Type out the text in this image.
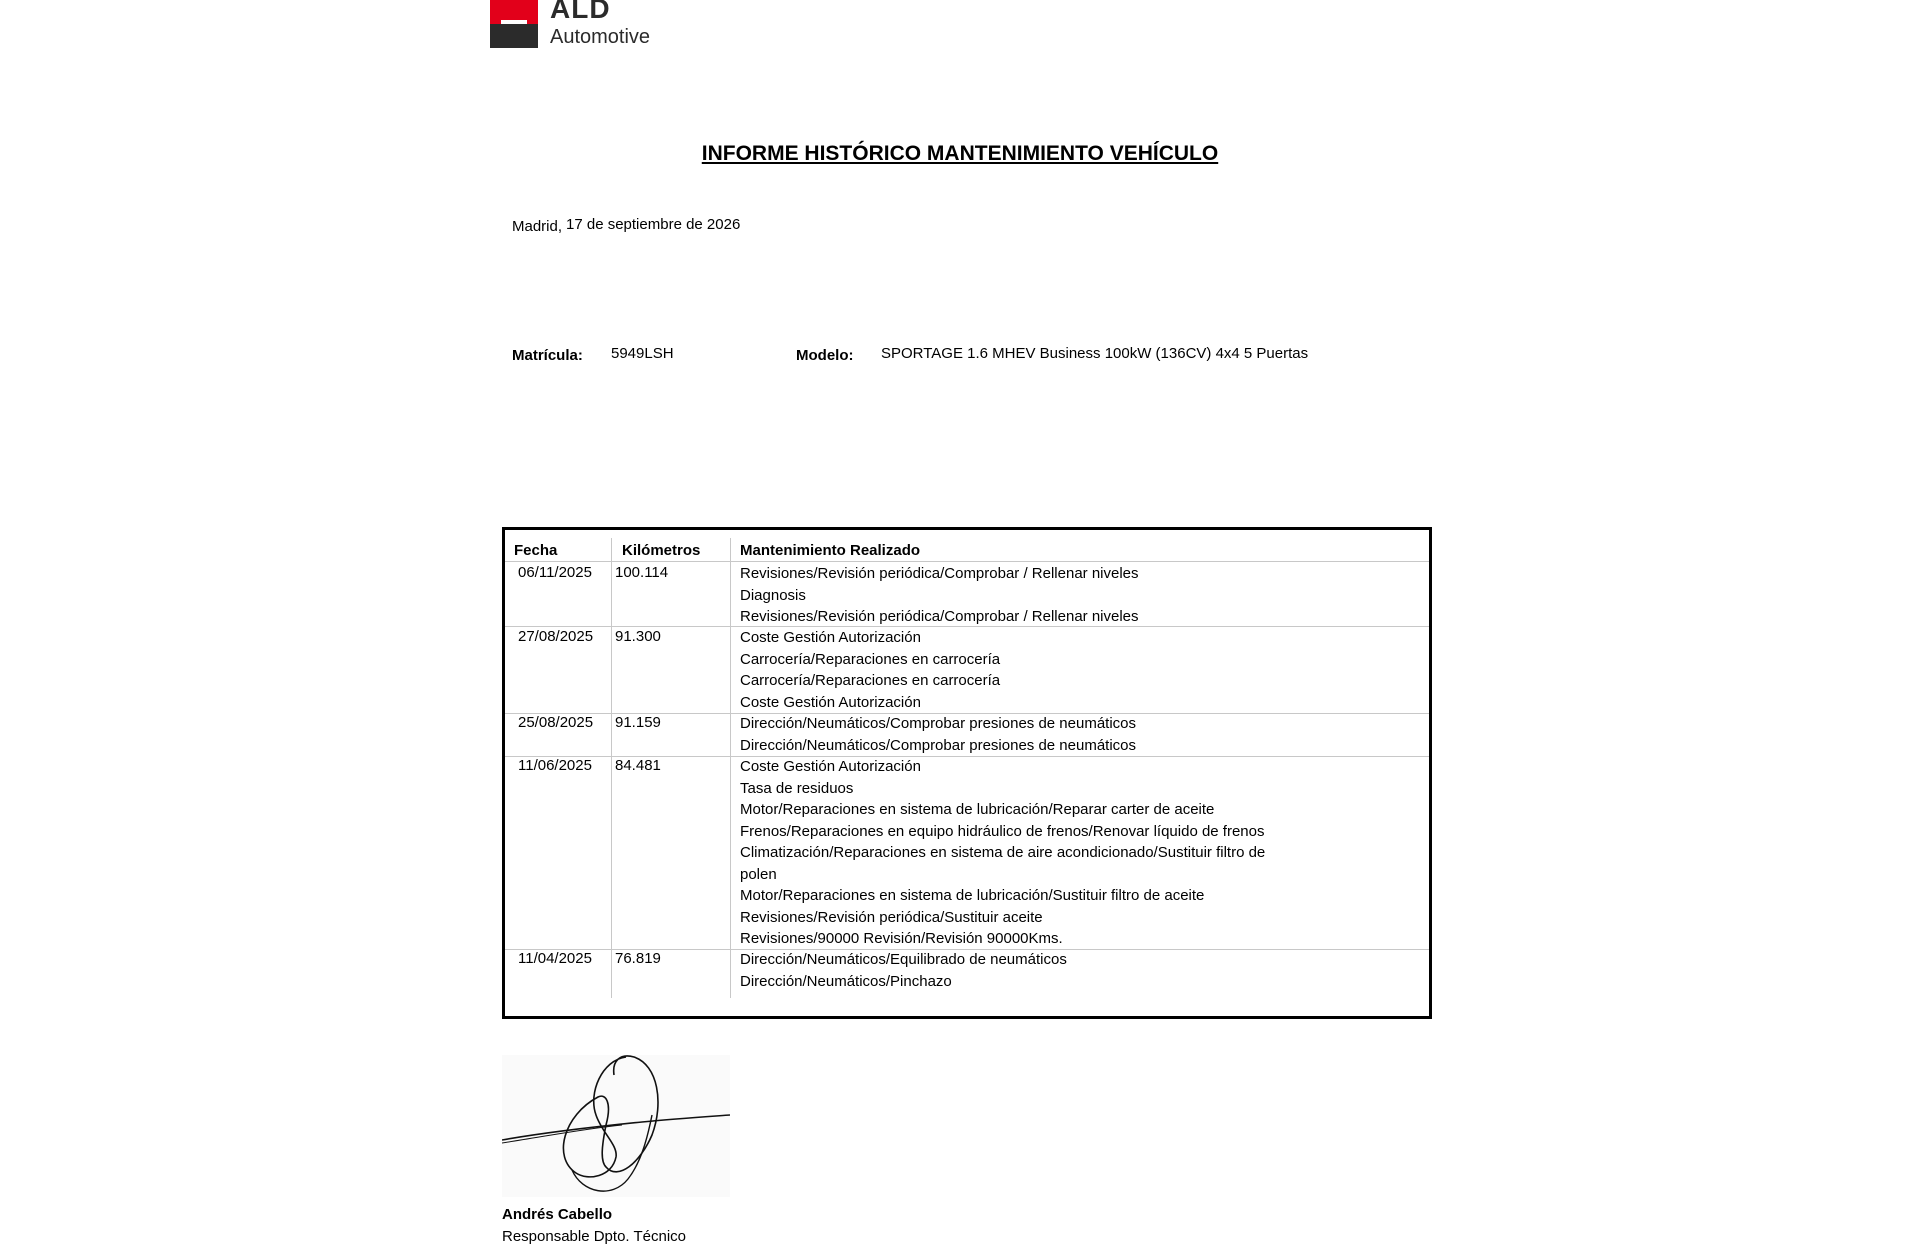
ALD
Automotive
INFORME HISTÓRICO MANTENIMIENTO VEHÍCULO
Madrid, 17 de septiembre de 2026
Matrícula: 5949LSH	Modelo: SPORTAGE 1.6 MHEV Business 100kW (136CV) 4x4 5 Puertas
Fecha	Kilómetros	Mantenimiento Realizado
06/11/2025 100.114	Revisiones/Revisión periódica/Comprobar / Rellenar niveles
Diagnosis
Revisiones/Revisión periódica/Comprobar / Rellenar niveles
27/08/2025 91.300	Coste Gestión Autorización
Carrocería/Reparaciones en carrocería
Carrocería/Reparaciones en carrocería
Coste Gestión Autorización
25/08/2025 91.159	Dirección/Neumáticos/Comprobar presiones de neumáticos
Dirección/Neumáticos/Comprobar presiones de neumáticos
11/06/2025 84.481	Coste Gestión Autorización
Tasa de residuos
Motor/Reparaciones en sistema de lubricación/Reparar carter de aceite
Frenos/Reparaciones en equipo hidráulico de frenos/Renovar líquido de frenos
Climatización/Reparaciones en sistema de aire acondicionado/Sustituir filtro de
polen
Motor/Reparaciones en sistema de lubricación/Sustituir filtro de aceite
Revisiones/Revisión periódica/Sustituir aceite
Revisiones/90000 Revisión/Revisión 90000Kms.
11/04/2025 76.819	Dirección/Neumáticos/Equilibrado de neumáticos
Dirección/Neumáticos/Pinchazo
Andrés Cabello
Responsable Dpto. Técnico
